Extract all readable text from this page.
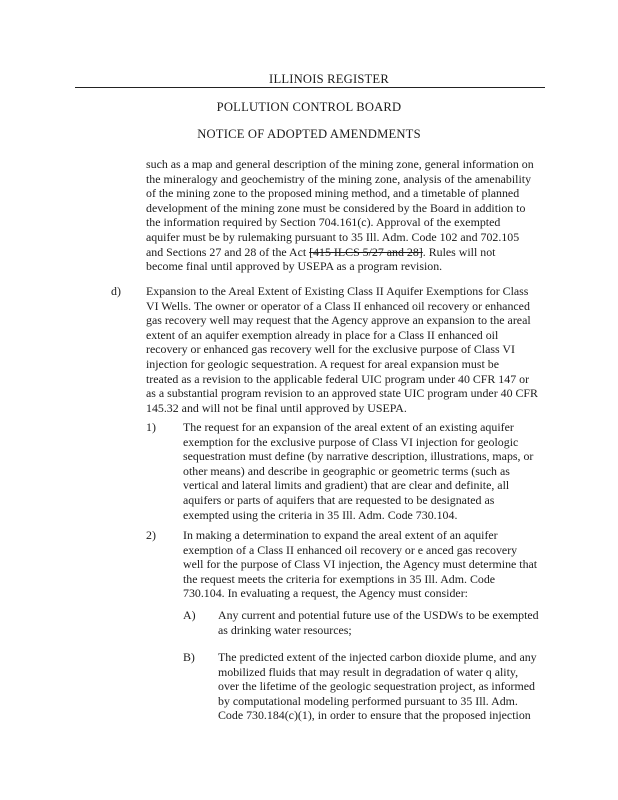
ILLINOIS REGISTER
POLLUTION CONTROL BOARD
NOTICE OF ADOPTED AMENDMENTS
such as a map and general description of the mining zone, general information on
the mineralogy and geochemistry of the mining zone, analysis of the amenability
of the mining zone to the proposed mining method, and a timetable of planned
development of the mining zone must be considered by the Board in addition to
the information required by Section 704.161(c). Approval of the exempted
aquifer must be by rulemaking pursuant to 35 Ill. Adm. Code 102 and 702.105
and Sections 27 and 28 of the Act [415 ILCS 5/27 and 28]. Rules will not
become final until approved by USEPA as a program revision.
d) Expansion to the Areal Extent of Existing Class II Aquifer Exemptions for Class
VI Wells. The owner or operator of a Class II enhanced oil recovery or enhanced
gas recovery well may request that the Agency approve an expansion to the areal
extent of an aquifer exemption already in place for a Class II enhanced oil
recovery or enhanced gas recovery well for the exclusive purpose of Class VI
injection for geologic sequestration. A request for areal expansion must be
treated as a revision to the applicable federal UIC program under 40 CFR 147 or
as a substantial program revision to an approved state UIC program under 40 CFR
145.32 and will not be final until approved by USEPA.
1) The request for an expansion of the areal extent of an existing aquifer
exemption for the exclusive purpose of Class VI injection for geologic
sequestration must define (by narrative description, illustrations, maps, or
other means) and describe in geographic or geometric terms (such as
vertical and lateral limits and gradient) that are clear and definite, all
aquifers or parts of aquifers that are requested to be designated as
exempted using the criteria in 35 Ill. Adm. Code 730.104.
2) In making a determination to expand the areal extent of an aquifer
exemption of a Class II enhanced oil recovery or e anced gas recovery
well for the purpose of Class VI injection, the Agency must determine that
the request meets the criteria for exemptions in 35 Ill. Adm. Code
730.104. In evaluating a request, the Agency must consider:
A) Any current and potential future use of the USDWs to be exempted
as drinking water resources;
B) The predicted extent of the injected carbon dioxide plume, and any
mobilized fluids that may result in degradation of water q ality,
over the lifetime of the geologic sequestration project, as informed
by computational modeling performed pursuant to 35 Ill. Adm.
Code 730.184(c)(1), in order to ensure that the proposed injection
